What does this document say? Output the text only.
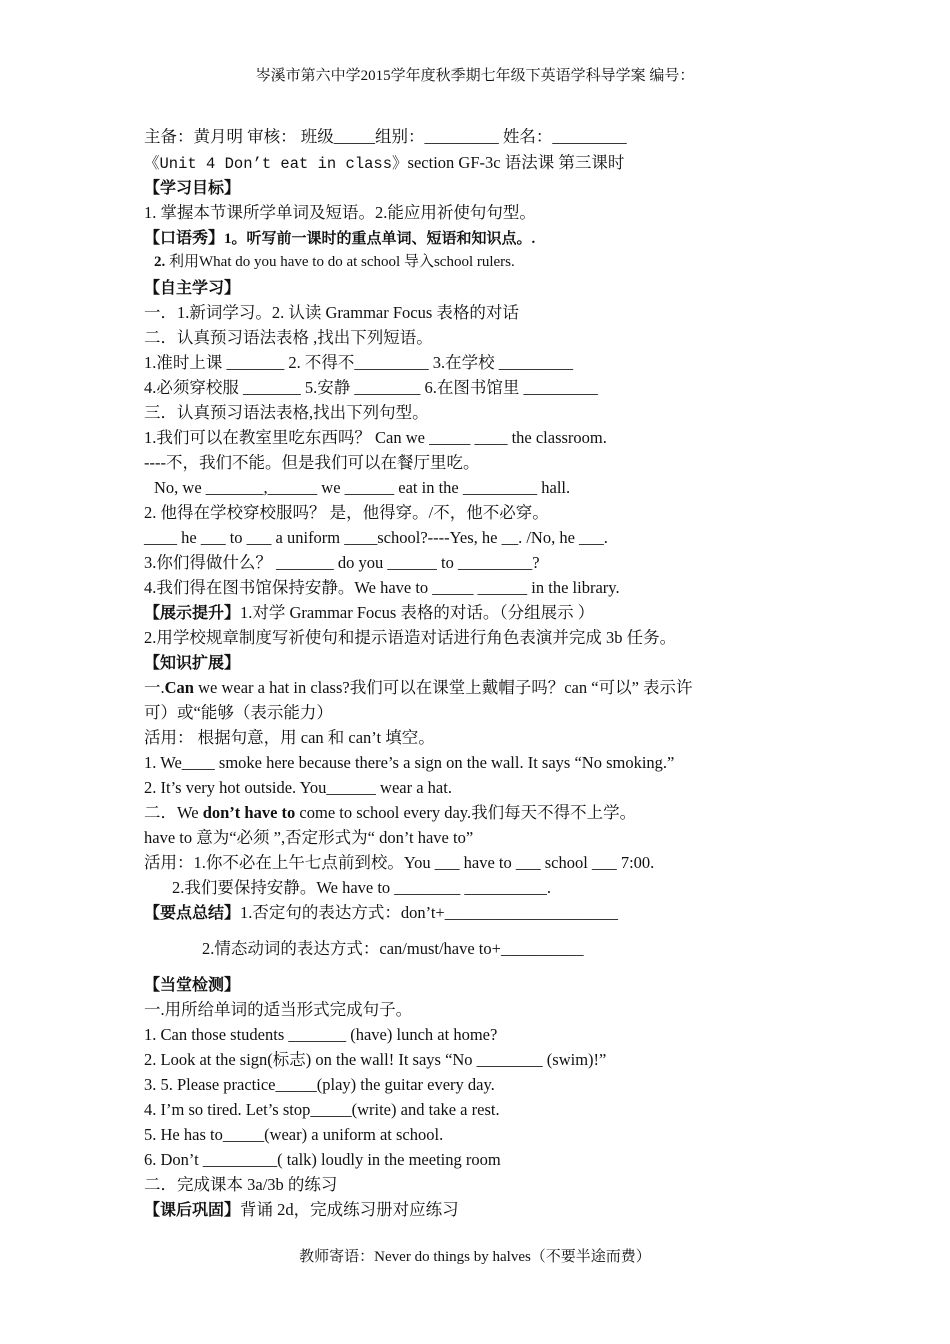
岑溪市第六中学2015学年度秋季期七年级下英语学科导学案 编号：
主备：黄月明 审核： 班级_____组别：_________ 姓名：_________
《Unit 4 Don’t eat in class》section GF-3c 语法课 第三课时
【学习目标】
1. 掌握本节课所学单词及短语。2.能应用祈使句句型。
【口语秀】1。听写前一课时的重点单词、短语和知识点。.
2. 利用What do you have to do at school 导入school rulers.
【自主学习】
一．1.新词学习。2. 认读 Grammar Focus 表格的对话
二．认真预习语法表格 ,找出下列短语。
1.准时上课 _______ 2. 不得不_________ 3.在学校 _________
4.必须穿校服 _______ 5.安静 ________ 6.在图书馆里 _________
三．认真预习语法表格,找出下列句型。
1.我们可以在教室里吃东西吗？ Can we _____ ____ the classroom.
----不，我们不能。但是我们可以在餐厅里吃。
No, we _______,______ we ______ eat in the _________ hall.
2. 他得在学校穿校服吗？ 是，他得穿。/不，他不必穿。
____ he ___ to ___ a uniform ____school?----Yes, he __. /No, he ___.
3.你们得做什么？ _______ do you ______ to _________?
4.我们得在图书馆保持安静。We have to _____ ______ in the library.
【展示提升】1.对学 Grammar Focus 表格的对话。（分组展示 ）
2.用学校规章制度写祈使句和提示语造对话进行角色表演并完成 3b 任务。
【知识扩展】
一.Can we wear a hat in class?我们可以在课堂上戴帽子吗？can “可以” 表示许
可）或“能够（表示能力）
活用： 根据句意，用 can 和 can’t 填空。
1. We____ smoke here because there’s a sign on the wall. It says “No smoking.”
2. It’s very hot outside. You______ wear a hat.
二．We don’t have to come to school every day.我们每天不得不上学。
have to 意为“必须 ”,否定形式为“ don’t have to”
活用：1.你不必在上午七点前到校。You ___ have to ___ school ___ 7:00.
2.我们要保持安静。We have to ________ __________.
【要点总结】1.否定句的表达方式：don’t+_____________________
2.情态动词的表达方式：can/must/have to+__________
【当堂检测】
一.用所给单词的适当形式完成句子。
1. Can those students _______ (have) lunch at home?
2. Look at the sign(标志) on the wall! It says “No ________ (swim)!”
3. 5. Please practice_____(play) the guitar every day.
4. I’m so tired. Let’s stop_____(write) and take a rest.
5. He has to_____(wear) a uniform at school.
6. Don’t _________( talk) loudly in the meeting room
二．完成课本 3a/3b 的练习
【课后巩固】背诵 2d，完成练习册对应练习
教师寄语：Never do things by halves（不要半途而费）
